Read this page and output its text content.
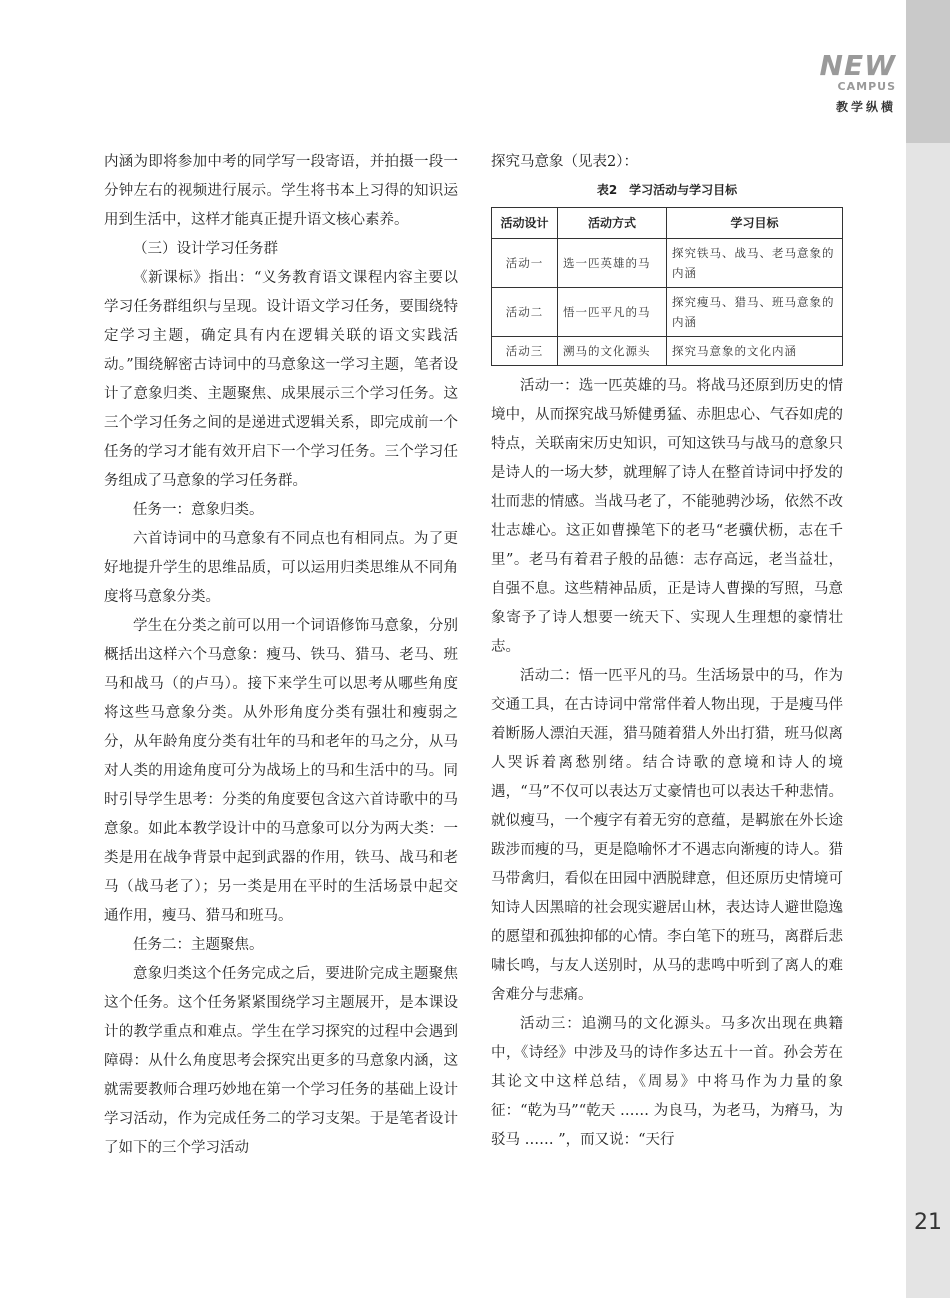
NEW
CAMPUS
教学纵横

内涵为即将参加中考的同学写一段寄语，并拍摄一段一分钟左右的视频进行展示。学生将书本上习得的知识运用到生活中，这样才能真正提升语文核心素养。

（三）设计学习任务群

《新课标》指出：“义务教育语文课程内容主要以学习任务群组织与呈现。设计语文学习任务，要围绕特定学习主题，确定具有内在逻辑关联的语文实践活动。”围绕解密古诗词中的马意象这一学习主题，笔者设计了意象归类、主题聚焦、成果展示三个学习任务。这三个学习任务之间的是递进式逻辑关系，即完成前一个任务的学习才能有效开启下一个学习任务。三个学习任务组成了马意象的学习任务群。

任务一：意象归类。

六首诗词中的马意象有不同点也有相同点。为了更好地提升学生的思维品质，可以运用归类思维从不同角度将马意象分类。

学生在分类之前可以用一个词语修饰马意象，分别概括出这样六个马意象：瘦马、铁马、猎马、老马、班马和战马（的卢马）。接下来学生可以思考从哪些角度将这些马意象分类。从外形角度分类有强壮和瘦弱之分，从年龄角度分类有壮年的马和老年的马之分，从马对人类的用途角度可分为战场上的马和生活中的马。同时引导学生思考：分类的角度要包含这六首诗歌中的马意象。如此本教学设计中的马意象可以分为两大类：一类是用在战争背景中起到武器的作用，铁马、战马和老马（战马老了）；另一类是用在平时的生活场景中起交通作用，瘦马、猎马和班马。

任务二：主题聚焦。

意象归类这个任务完成之后，要进阶完成主题聚焦这个任务。这个任务紧紧围绕学习主题展开，是本课设计的教学重点和难点。学生在学习探究的过程中会遇到障碍：从什么角度思考会探究出更多的马意象内涵，这就需要教师合理巧妙地在第一个学习任务的基础上设计学习活动，作为完成任务二的学习支架。于是笔者设计了如下的三个学习活动

探究马意象（见表2）：

表2　学习活动与学习目标
活动设计	活动方式	学习目标
活动一	选一匹英雄的马	探究铁马、战马、老马意象的内涵
活动二	悟一匹平凡的马	探究瘦马、猎马、班马意象的内涵
活动三	溯马的文化源头	探究马意象的文化内涵

活动一：选一匹英雄的马。将战马还原到历史的情境中，从而探究战马矫健勇猛、赤胆忠心、气吞如虎的特点，关联南宋历史知识，可知这铁马与战马的意象只是诗人的一场大梦，就理解了诗人在整首诗词中抒发的壮而悲的情感。当战马老了，不能驰骋沙场，依然不改壮志雄心。这正如曹操笔下的老马“老骥伏枥，志在千里”。老马有着君子般的品德：志存高远，老当益壮，自强不息。这些精神品质，正是诗人曹操的写照，马意象寄予了诗人想要一统天下、实现人生理想的豪情壮志。

活动二：悟一匹平凡的马。生活场景中的马，作为交通工具，在古诗词中常常伴着人物出现，于是瘦马伴着断肠人漂泊天涯，猎马随着猎人外出打猎，班马似离人哭诉着离愁别绪。结合诗歌的意境和诗人的境遇，“马”不仅可以表达万丈豪情也可以表达千种悲情。就似瘦马，一个瘦字有着无穷的意蕴，是羁旅在外长途跋涉而瘦的马，更是隐喻怀才不遇志向渐瘦的诗人。猎马带禽归，看似在田园中洒脱肆意，但还原历史情境可知诗人因黑暗的社会现实避居山林，表达诗人避世隐逸的愿望和孤独抑郁的心情。李白笔下的班马，离群后悲啸长鸣，与友人送别时，从马的悲鸣中听到了离人的难舍难分与悲痛。

活动三：追溯马的文化源头。马多次出现在典籍中，《诗经》中涉及马的诗作多达五十一首。孙会芳在其论文中这样总结，《周易》中将马作为力量的象征：“乾为马”“乾天 …… 为良马，为老马，为瘠马，为驳马 …… ”，而又说：“天行

21
